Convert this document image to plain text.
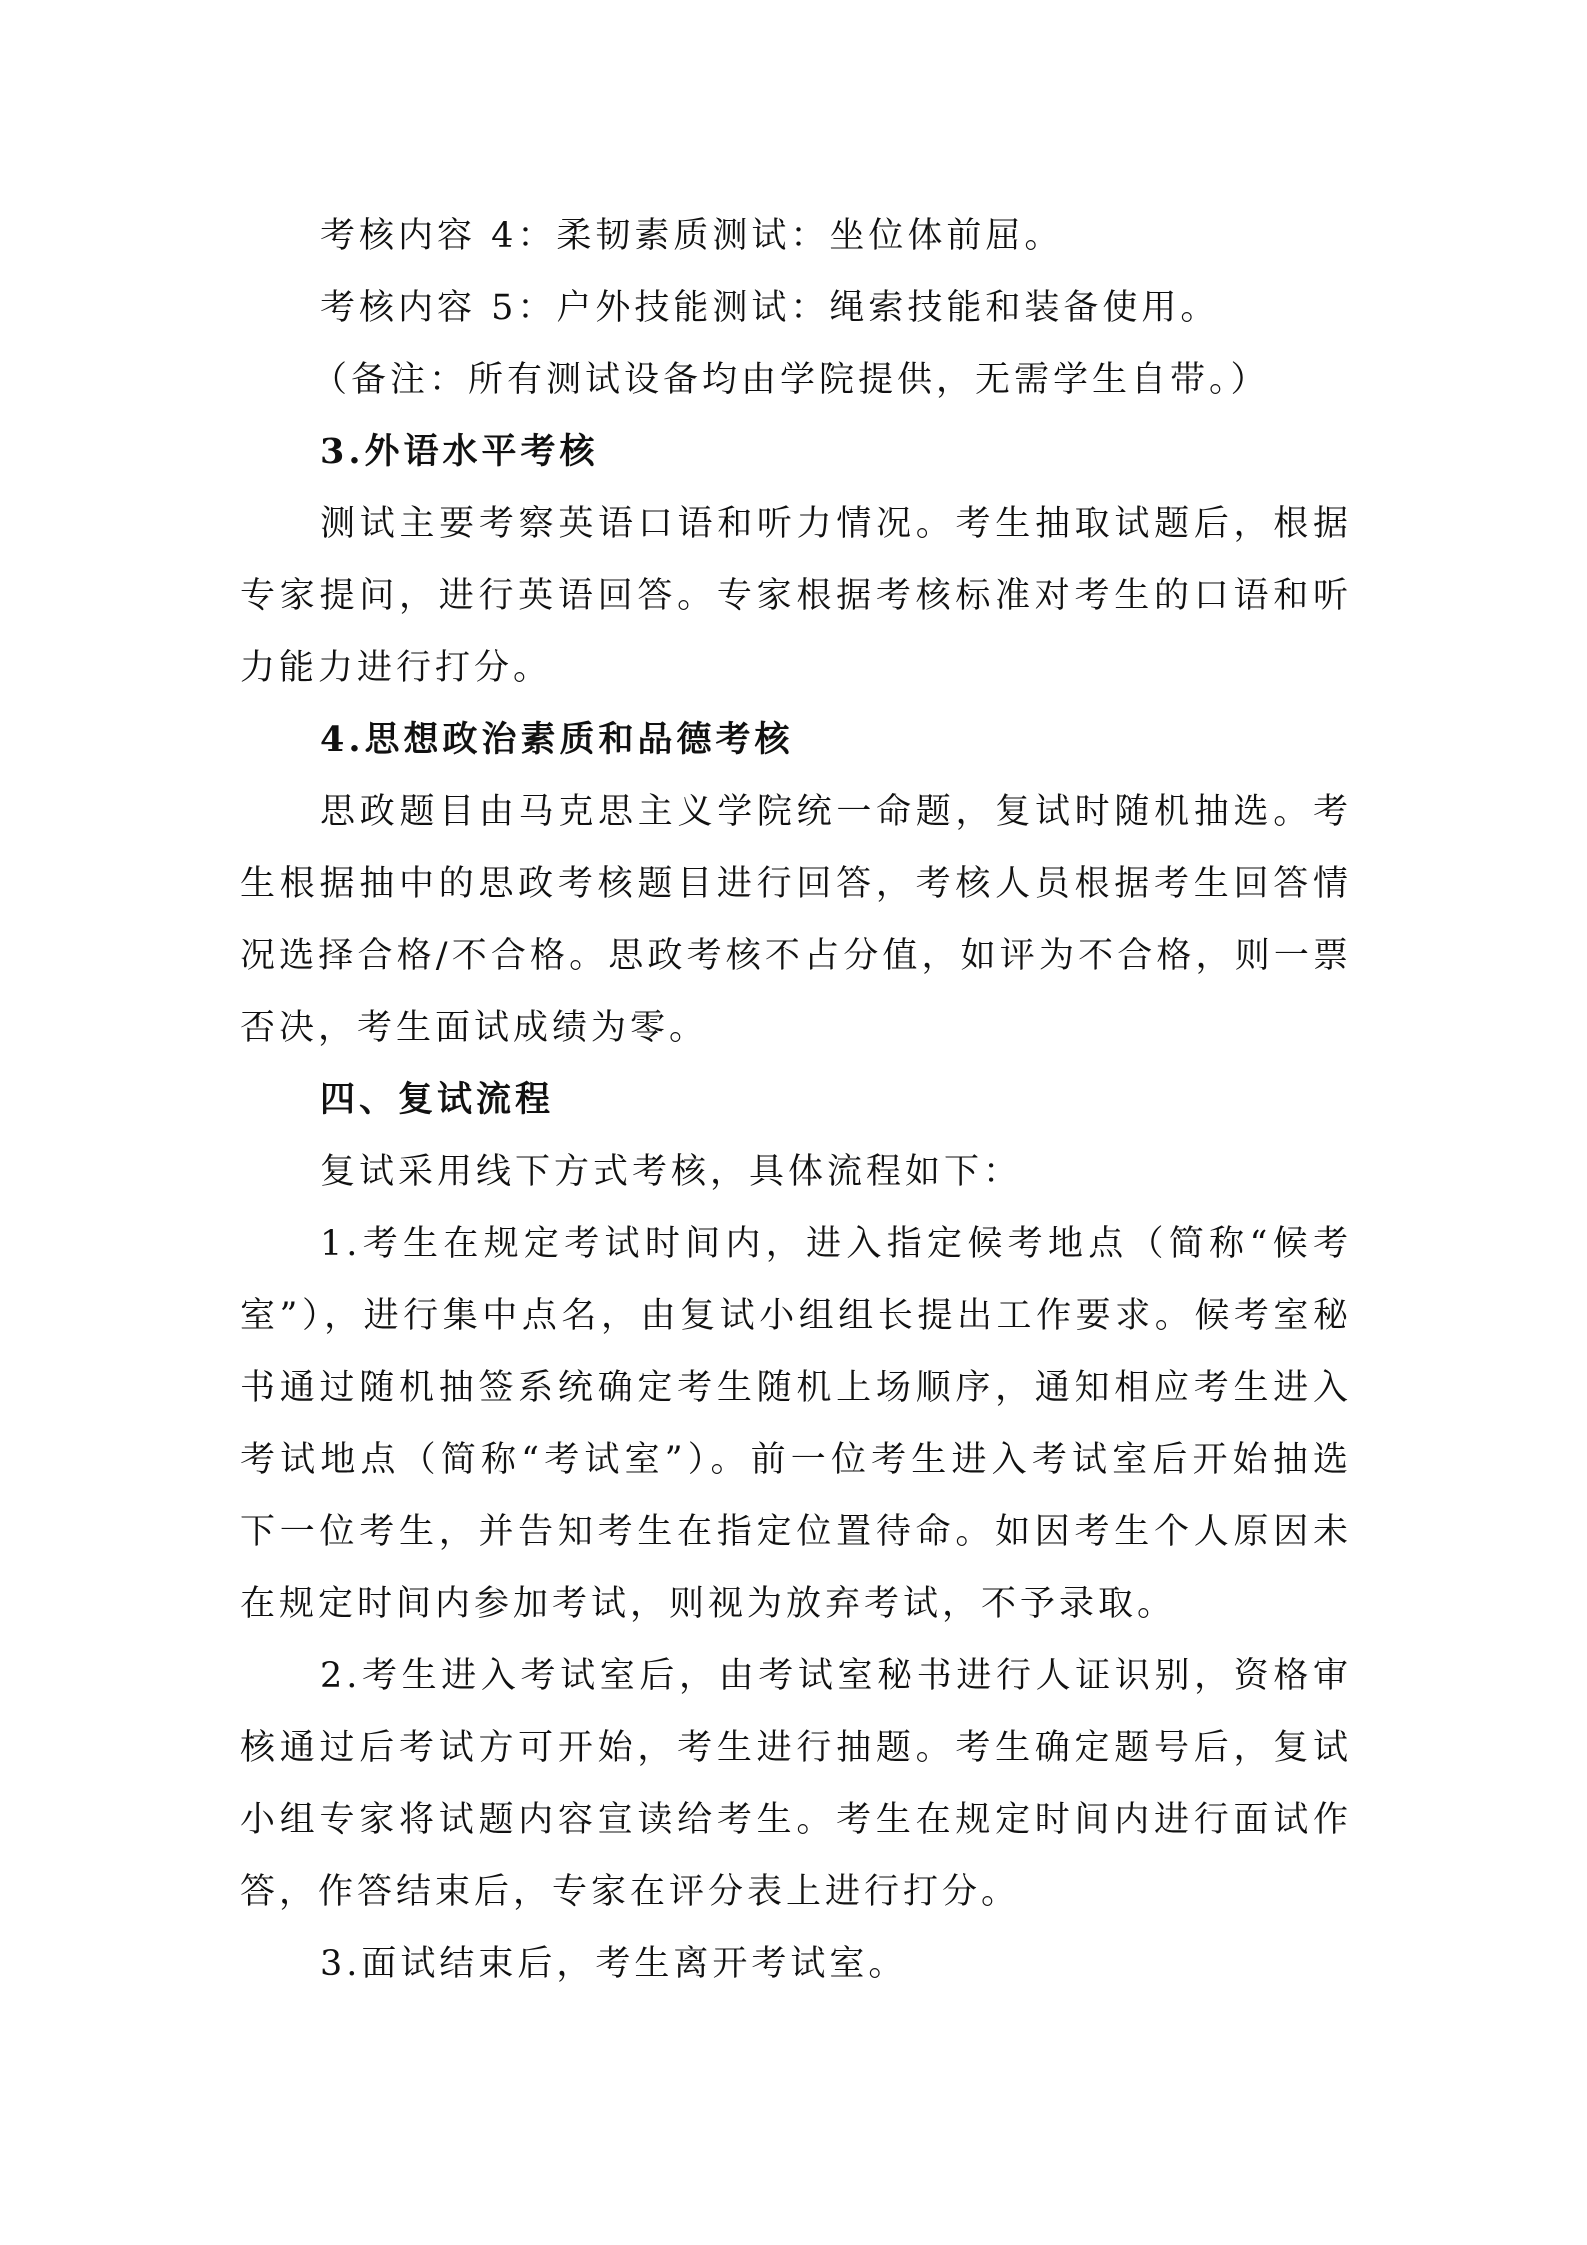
考核内容 4：柔韧素质测试：坐位体前屈。

考核内容 5：户外技能测试：绳索技能和装备使用。

（备注：所有测试设备均由学院提供，无需学生自带。）

3.外语水平考核

测试主要考察英语口语和听力情况。考生抽取试题后，根据专家提问，进行英语回答。专家根据考核标准对考生的口语和听力能力进行打分。

4.思想政治素质和品德考核

思政题目由马克思主义学院统一命题，复试时随机抽选。考生根据抽中的思政考核题目进行回答，考核人员根据考生回答情况选择合格/不合格。思政考核不占分值，如评为不合格，则一票否决，考生面试成绩为零。

四、复试流程

复试采用线下方式考核，具体流程如下：

1.考生在规定考试时间内，进入指定候考地点（简称“候考室”），进行集中点名，由复试小组组长提出工作要求。候考室秘书通过随机抽签系统确定考生随机上场顺序，通知相应考生进入考试地点（简称“考试室”）。前一位考生进入考试室后开始抽选下一位考生，并告知考生在指定位置待命。如因考生个人原因未在规定时间内参加考试，则视为放弃考试，不予录取。

2.考生进入考试室后，由考试室秘书进行人证识别，资格审核通过后考试方可开始，考生进行抽题。考生确定题号后，复试小组专家将试题内容宣读给考生。考生在规定时间内进行面试作答，作答结束后，专家在评分表上进行打分。

3.面试结束后，考生离开考试室。
